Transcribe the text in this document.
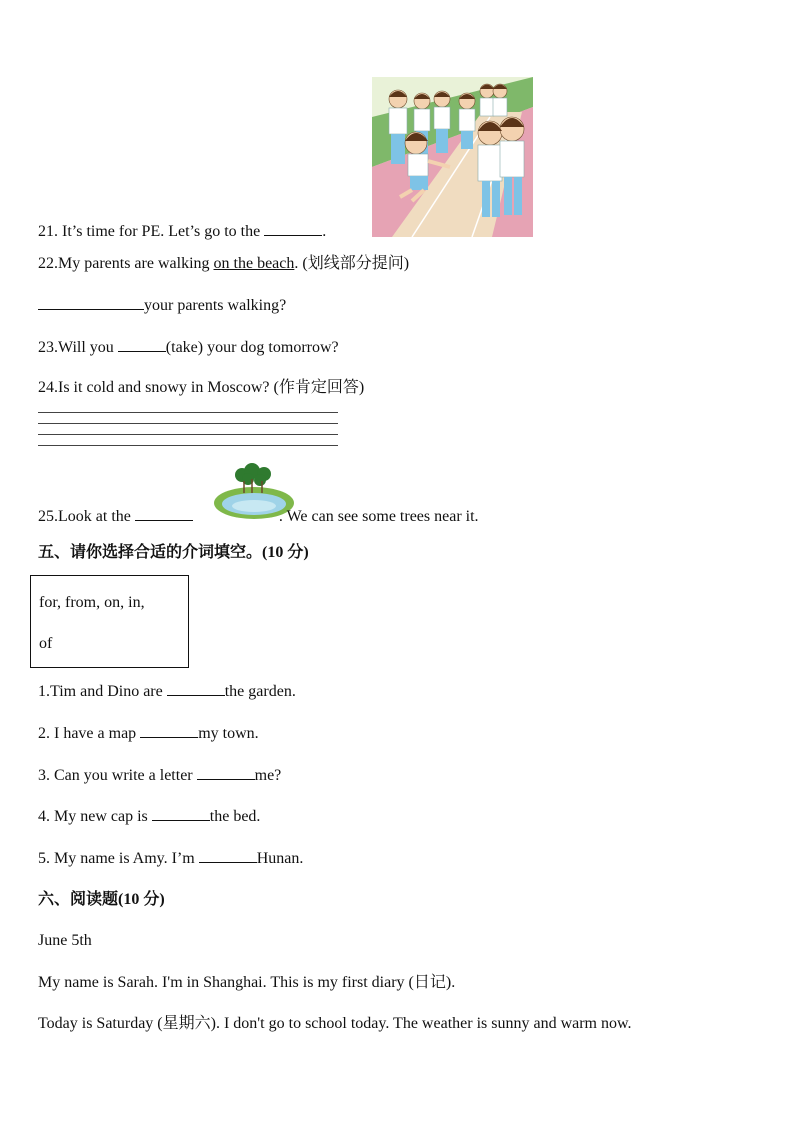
21. It’s time for PE. Let’s go to the	.
22.My parents are walking on the beach. (划线部分提问)
your parents walking?
23.Will you	(take) your dog tomorrow?
24.Is it cold and snowy in Moscow? (作肯定回答)
25.Look at the	. We can see some trees near it.
五、请你选择合适的介词填空。(10 分)
for, from, on, in,
of
1.Tim and Dino are	the garden.
2. I have a map	my town.
3. Can you write a letter	me?
4. My new cap is	the bed.
5. My name is Amy. I’m	Hunan.
六、阅读题(10 分)
June 5th
My name is Sarah. I'm in Shanghai. This is my first diary (日记).
Today is Saturday (星期六). I don't go to school today. The weather is sunny and warm now.
